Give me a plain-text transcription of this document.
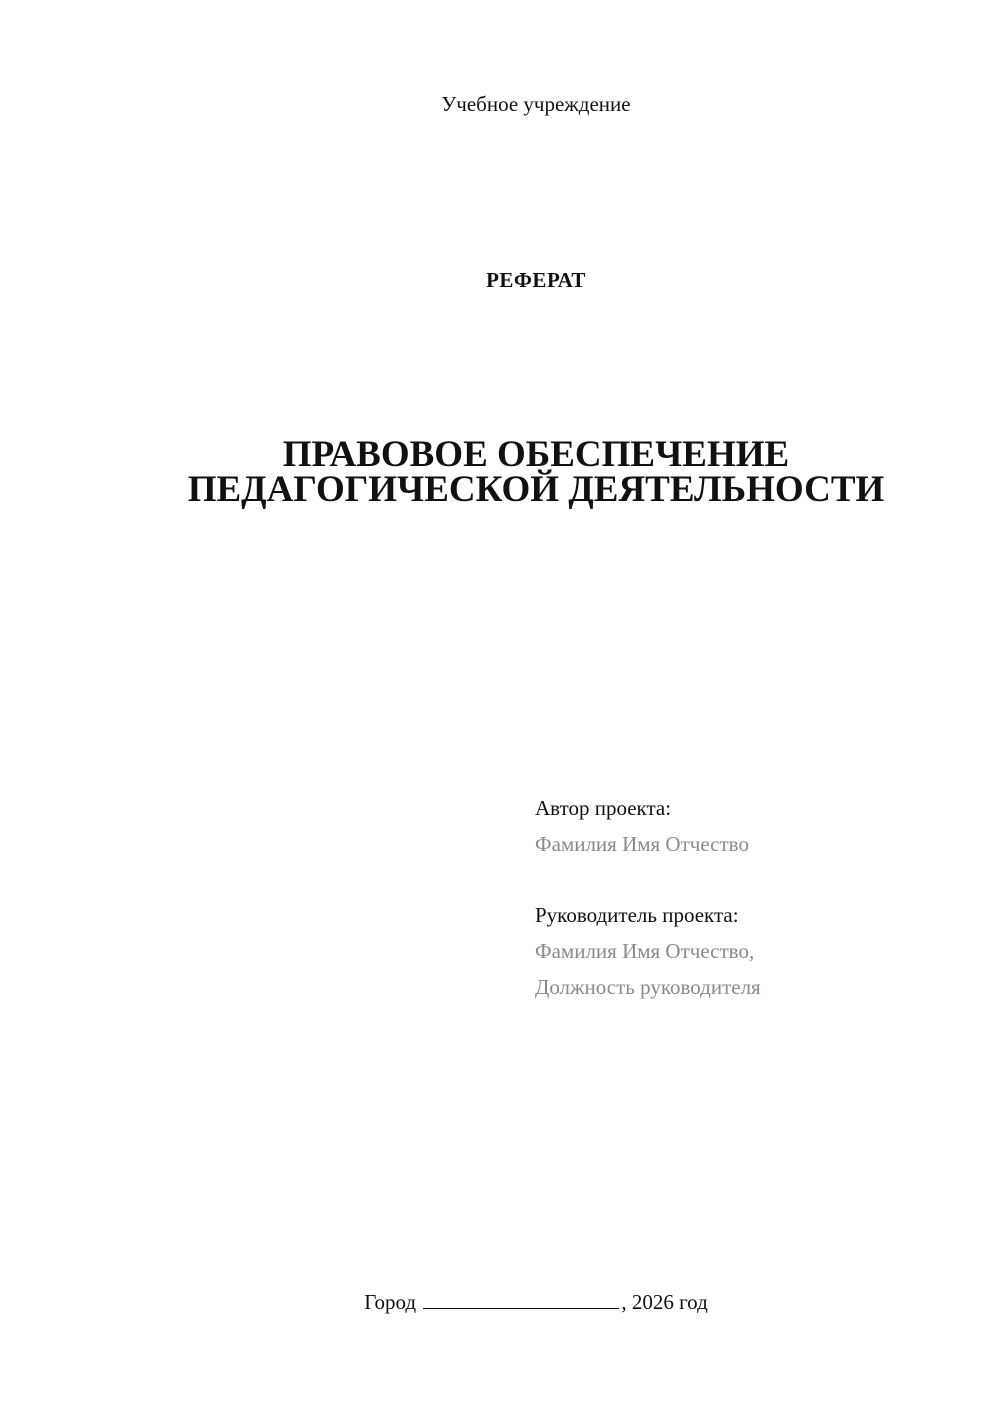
Учебное учреждение
РЕФЕРАТ
ПРАВОВОЕ ОБЕСПЕЧЕНИЕ
ПЕДАГОГИЧЕСКОЙ ДЕЯТЕЛЬНОСТИ
Автор проекта:
Фамилия Имя Отчество
Руководитель проекта:
Фамилия Имя Отчество,
Должность руководителя
Город	, 2026 год
